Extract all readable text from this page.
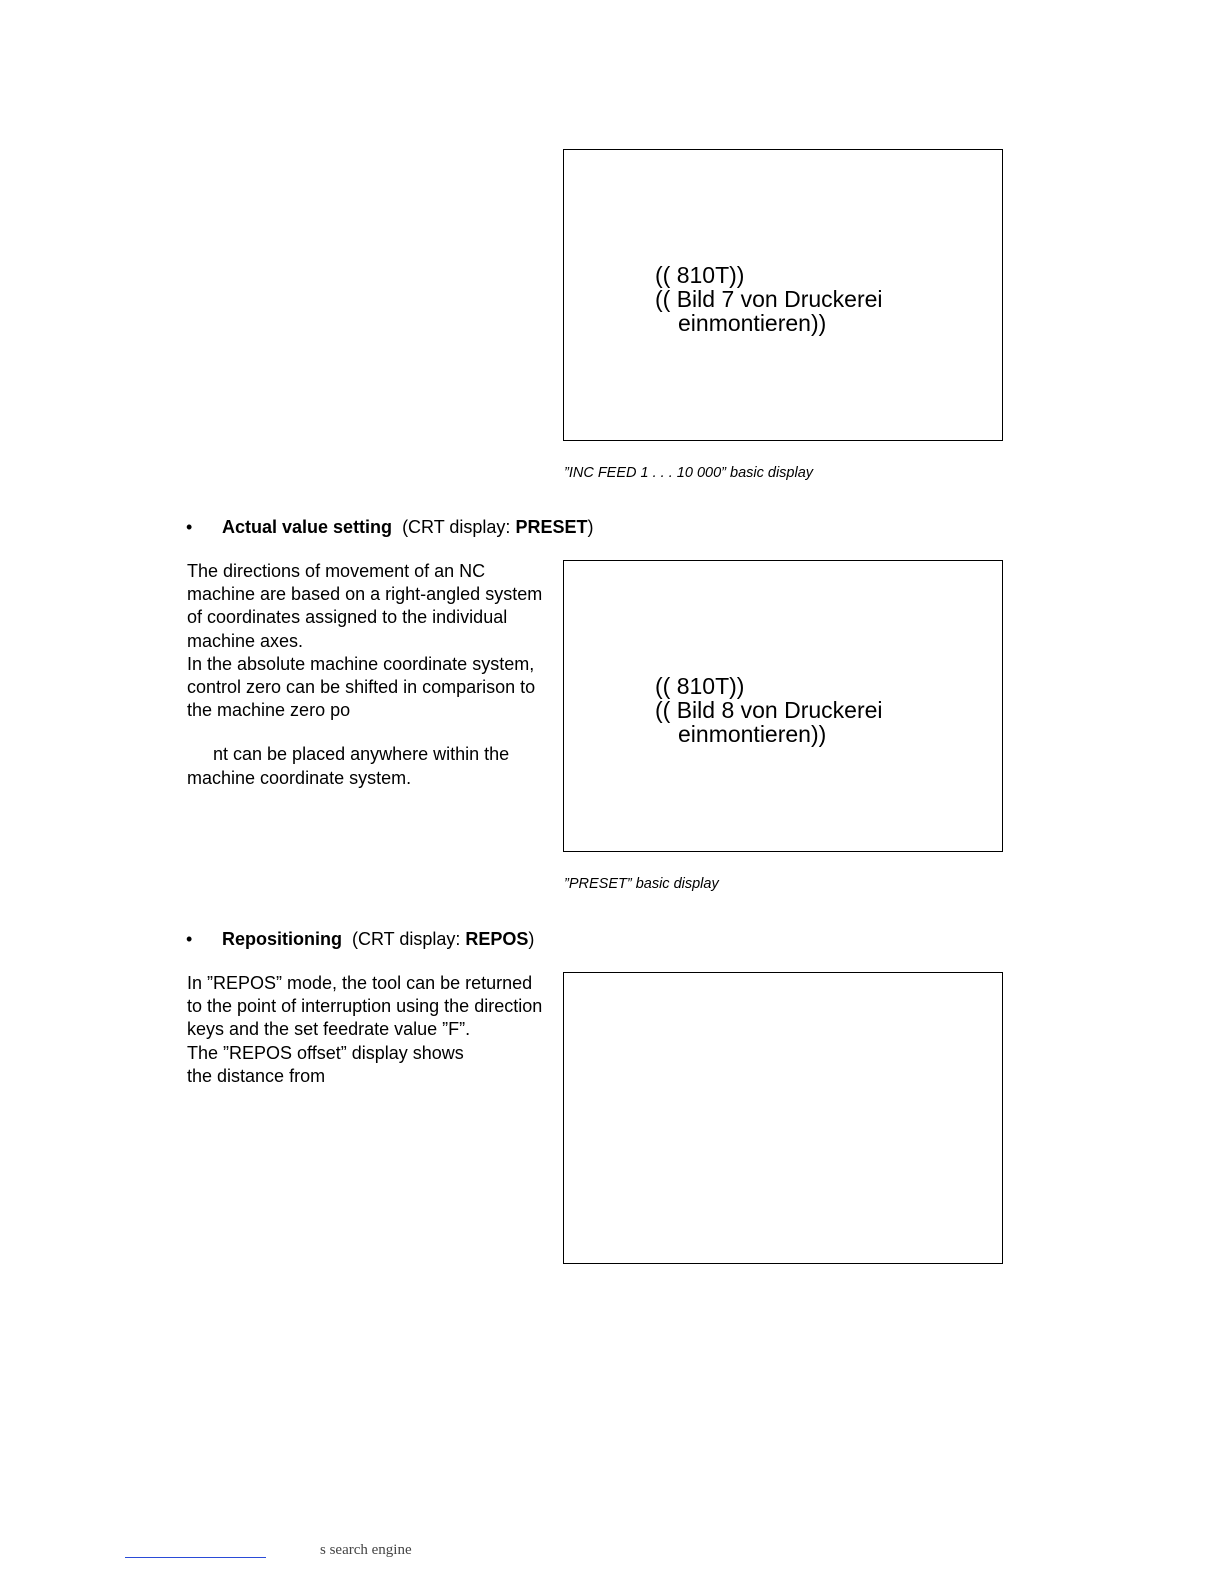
(( 810T))
(( Bild 7 von Druckerei
einmontieren))
”INC FEED 1 . . . 10 000” basic display
• Actual value setting (CRT display: PRESET)

The directions of movement of an NC machine are based on a right-angled system of coordinates assigned to the individual machine axes.

In the absolute machine coordinate system, control zero can be shifted in comparison to the machine zero po

nt can be placed anywhere within the machine coordinate system.

(( 810T))
(( Bild 8 von Druckerei
einmontieren))
”PRESET” basic display
• Repositioning (CRT display: REPOS)

In ”REPOS” mode, the tool can be returned to the point of interruption using the direction keys and the set feedrate value ”F”.

The ”REPOS offset” display shows

the distance from

s search engine
